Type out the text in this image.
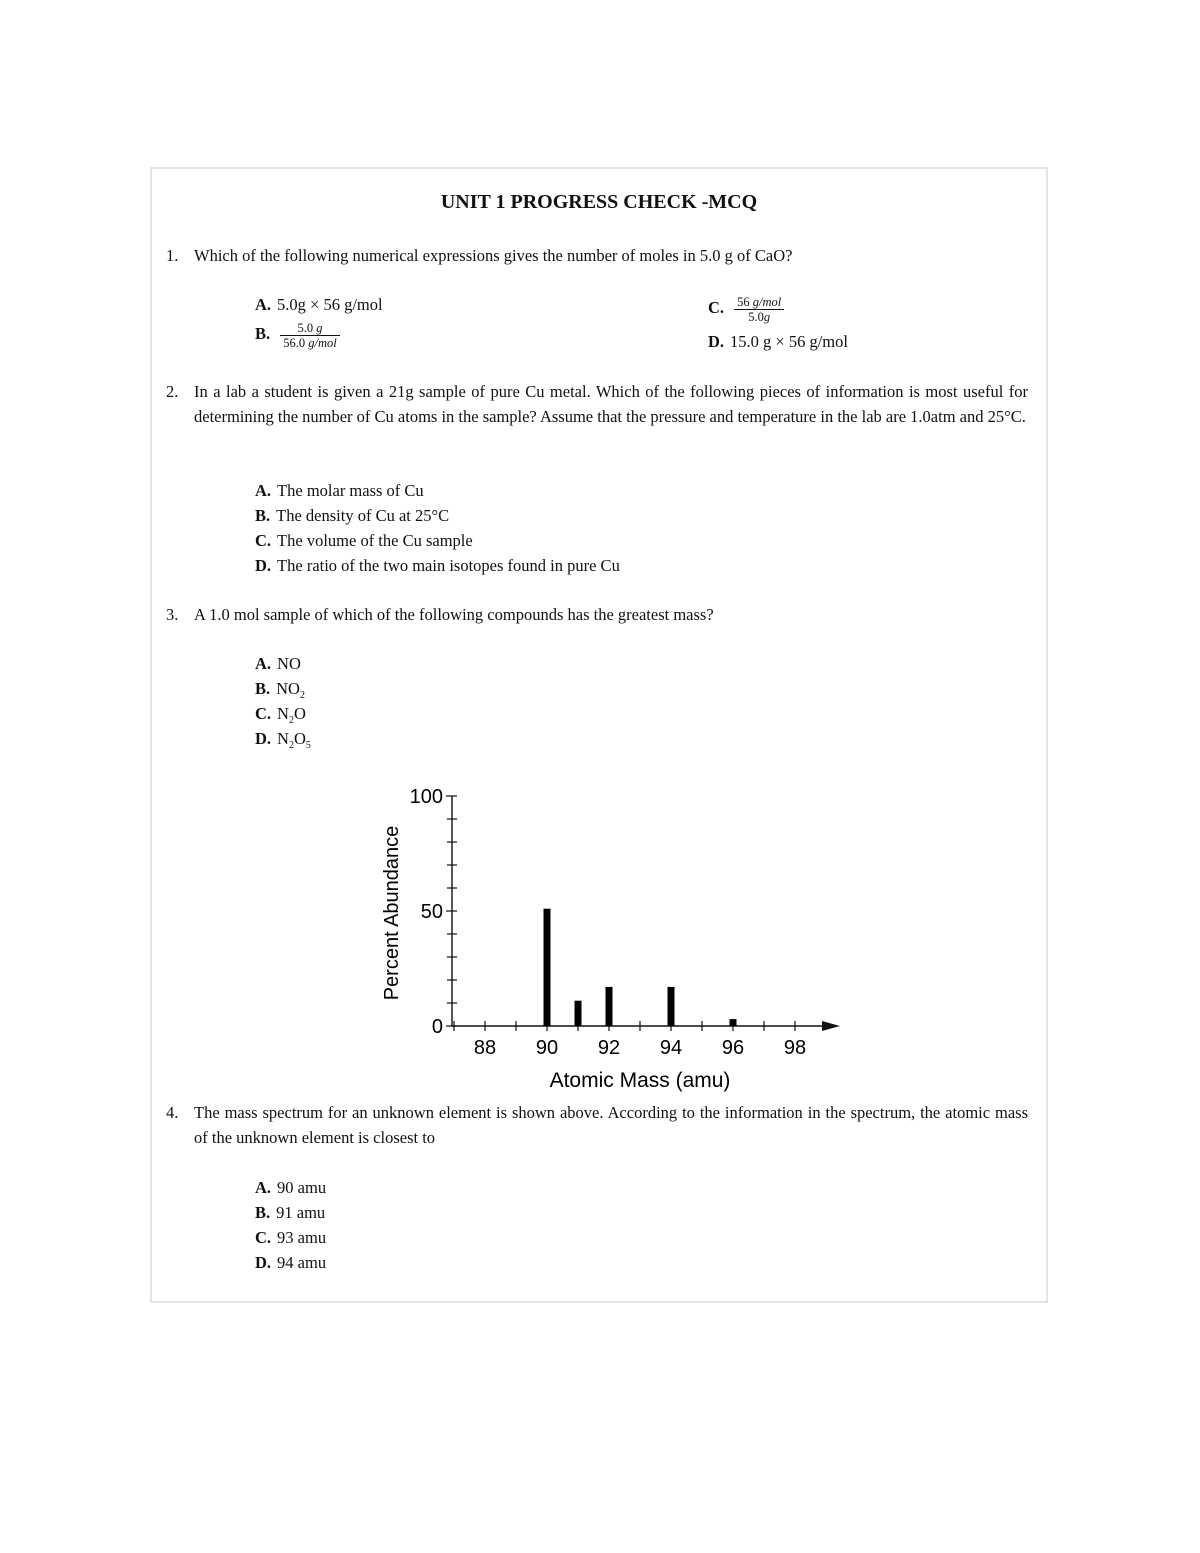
UNIT 1 PROGRESS CHECK -MCQ
1. Which of the following numerical expressions gives the number of moles in 5.0 g of CaO?
A. 5.0g × 56 g/mol
B. $\frac{5.0 g}{\text{56.0 g/mol}}$
C. $\frac{\text{56 g/mol}}{5.0g}$
D. 15.0 g × 56 g/mol
2. In a lab a student is given a 21g sample of pure Cu metal. Which of the following pieces of information is most useful for determining the number of Cu atoms in the sample? Assume that the pressure and temperature in the lab are 1.0atm and 25°C.
A. The molar mass of Cu
B. The density of Cu at 25°C
C. The volume of the Cu sample
D. The ratio of the two main isotopes found in pure Cu
3. A 1.0 mol sample of which of the following compounds has the greatest mass?
A. NO
B. $NO_2$
C. $N_2O$
D. $N_2O_5$
Percent Abundance
Atomic Mass (amu)
0
50
100
88 90 92 94 96 98
4. The mass spectrum for an unknown element is shown above. According to the information in the spectrum, the atomic mass of the unknown element is closest to
A. 90 amu
B. 91 amu
C. 93 amu
D. 94 amu
